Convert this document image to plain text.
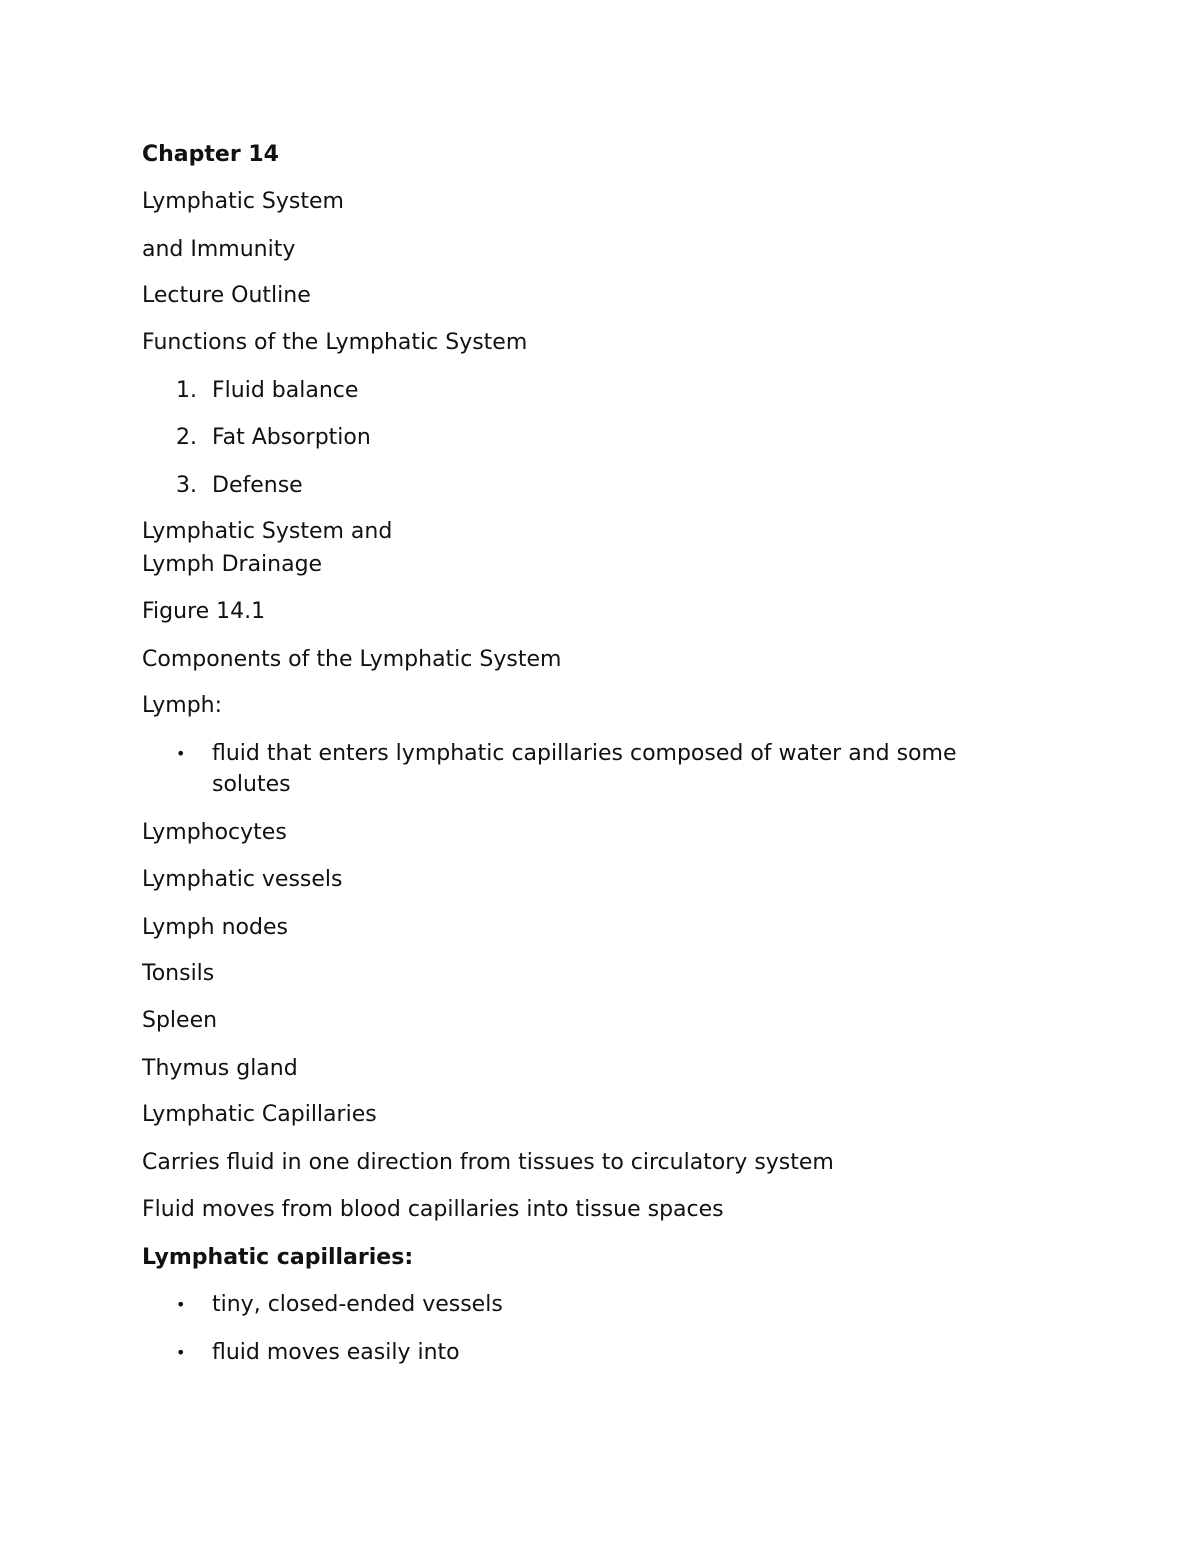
Chapter 14

Lymphatic System

and Immunity

Lecture Outline

Functions of the Lymphatic System

1. Fluid balance
2. Fat Absorption
3. Defense

Lymphatic System and

Lymph Drainage

Figure 14.1

Components of the Lymphatic System

Lymph:

• fluid that enters lymphatic capillaries composed of water and some
solutes

Lymphocytes

Lymphatic vessels

Lymph nodes

Tonsils

Spleen

Thymus gland

Lymphatic Capillaries

Carries fluid in one direction from tissues to circulatory system

Fluid moves from blood capillaries into tissue spaces

Lymphatic capillaries:

• tiny, closed-ended vessels
• fluid moves easily into
